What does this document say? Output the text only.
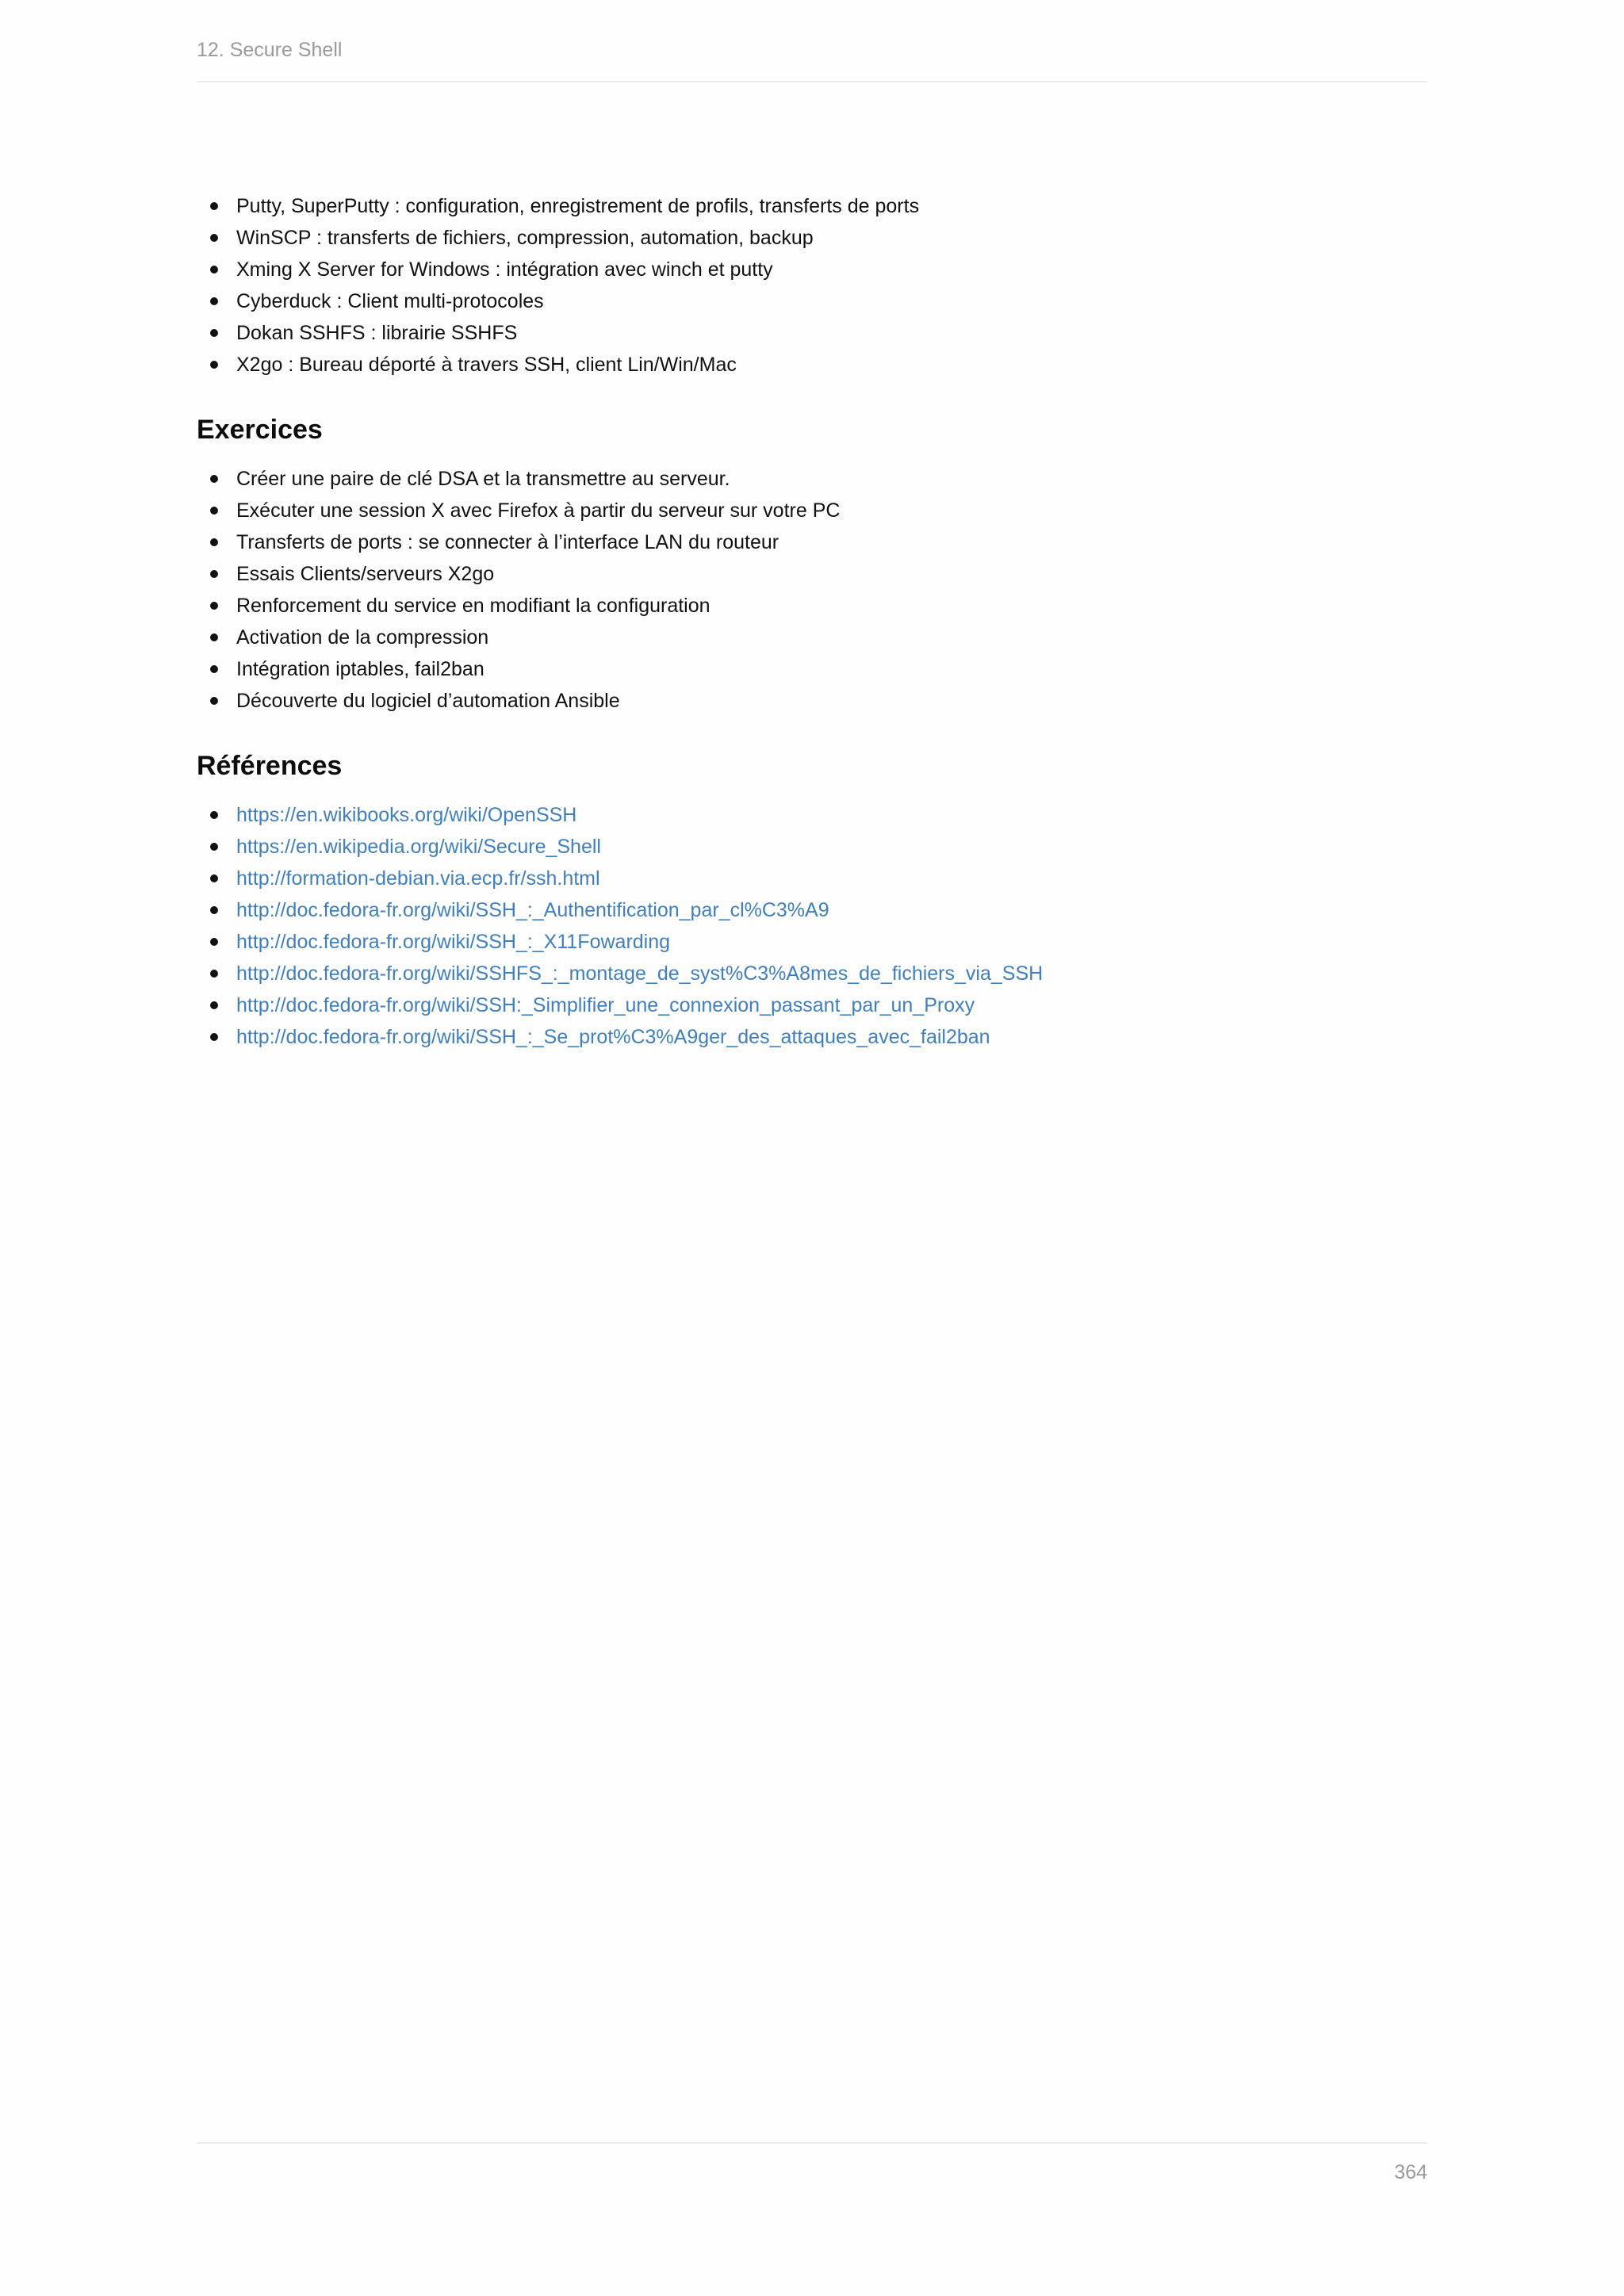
12. Secure Shell
Putty, SuperPutty : configuration, enregistrement de profils, transferts de ports
WinSCP : transferts de fichiers, compression, automation, backup
Xming X Server for Windows : intégration avec winch et putty
Cyberduck : Client multi-protocoles
Dokan SSHFS : librairie SSHFS
X2go : Bureau déporté à travers SSH, client Lin/Win/Mac
Exercices
Créer une paire de clé DSA et la transmettre au serveur.
Exécuter une session X avec Firefox à partir du serveur sur votre PC
Transferts de ports : se connecter à l’interface LAN du routeur
Essais Clients/serveurs X2go
Renforcement du service en modifiant la configuration
Activation de la compression
Intégration iptables, fail2ban
Découverte du logiciel d’automation Ansible
Références
https://en.wikibooks.org/wiki/OpenSSH
https://en.wikipedia.org/wiki/Secure_Shell
http://formation-debian.via.ecp.fr/ssh.html
http://doc.fedora-fr.org/wiki/SSH_:_Authentification_par_cl%C3%A9
http://doc.fedora-fr.org/wiki/SSH_:_X11Fowarding
http://doc.fedora-fr.org/wiki/SSHFS_:_montage_de_syst%C3%A8mes_de_fichiers_via_SSH
http://doc.fedora-fr.org/wiki/SSH:_Simplifier_une_connexion_passant_par_un_Proxy
http://doc.fedora-fr.org/wiki/SSH_:_Se_prot%C3%A9ger_des_attaques_avec_fail2ban
364
